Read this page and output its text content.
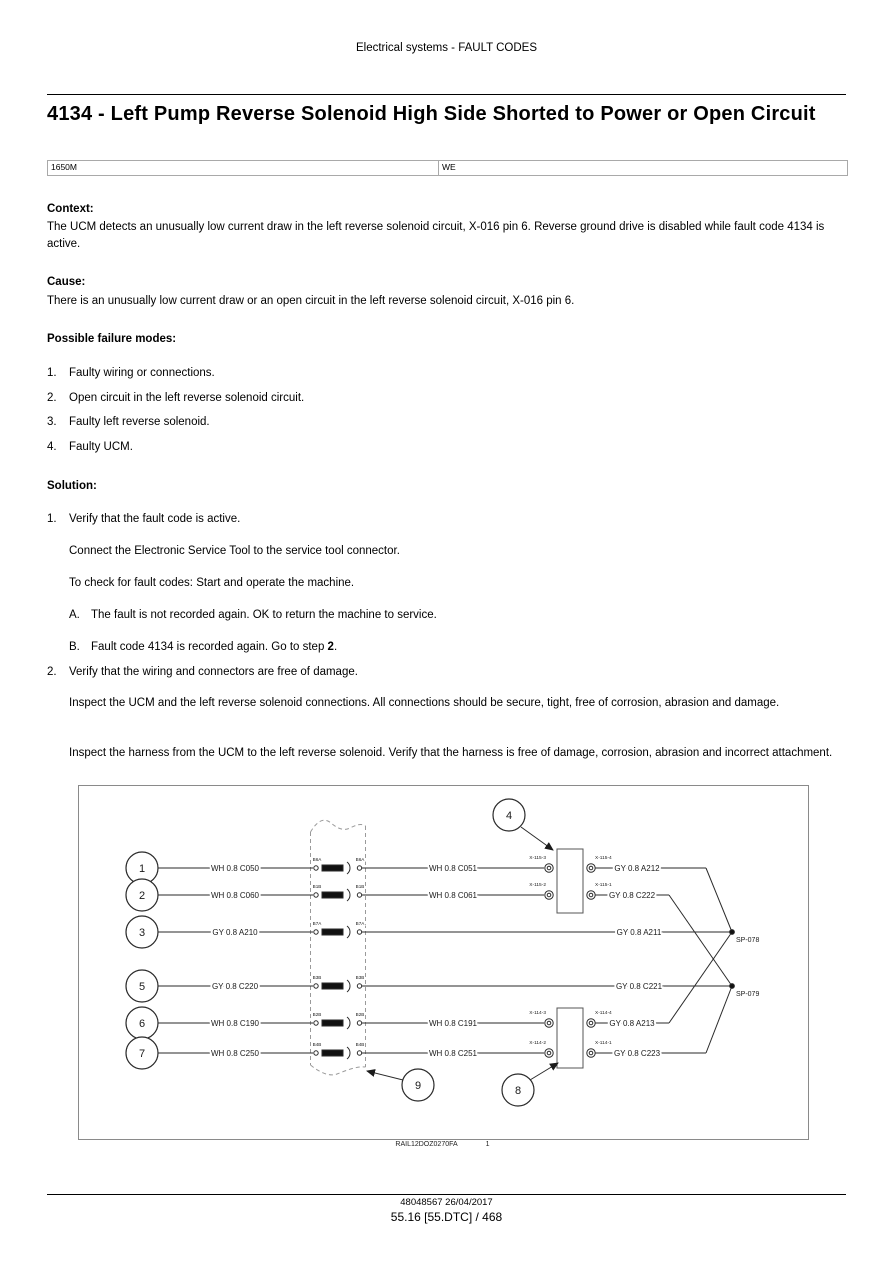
Electrical systems - FAULT CODES
4134 - Left Pump Reverse Solenoid High Side Shorted to Power or Open Circuit
1650M	WE
Context:
The UCM detects an unusually low current draw in the left reverse solenoid circuit, X-016 pin 6. Reverse ground drive is disabled while fault code 4134 is active.
Cause:
There is an unusually low current draw or an open circuit in the left reverse solenoid circuit, X-016 pin 6.
Possible failure modes:
1.	Faulty wiring or connections.
2.	Open circuit in the left reverse solenoid circuit.
3.	Faulty left reverse solenoid.
4.	Faulty UCM.
Solution:
1.	Verify that the fault code is active.
Connect the Electronic Service Tool to the service tool connector.
To check for fault codes: Start and operate the machine.
A. The fault is not recorded again. OK to return the machine to service.
B. Fault code 4134 is recorded again. Go to step 2.
2.	Verify that the wiring and connectors are free of damage.
Inspect the UCM and the left reverse solenoid connections. All connections should be secure, tight, free of corrosion, abrasion and damage.
Inspect the harness from the UCM to the left reverse solenoid. Verify that the harness is free of damage, corrosion, abrasion and incorrect attachment.
1
2
3
5
6
7
4
8
9
WH 0.8 C050	WH 0.8 C051	GY 0.8 A212
WH 0.8 C060	WH 0.8 C061	GY 0.8 C222
GY 0.8 A210	GY 0.8 A211
GY 0.8 C220	GY 0.8 C221
WH 0.8 C190	WH 0.8 C191	GY 0.8 A213
WH 0.8 C250	WH 0.8 C251	GY 0.8 C223
B6A	B6A
B1B	B1B
B7A	B7A
B3B	B3B
B2B	B2B
B4B	B4B
X-115-3	X-115-4
X-115-2	X-115-1
X-114-3	X-114-4
X-114-2	X-114-1
SP-078
SP-079
RAIL12DOZ0270FA	1
48048567 26/04/2017
55.16 [55.DTC] / 468
